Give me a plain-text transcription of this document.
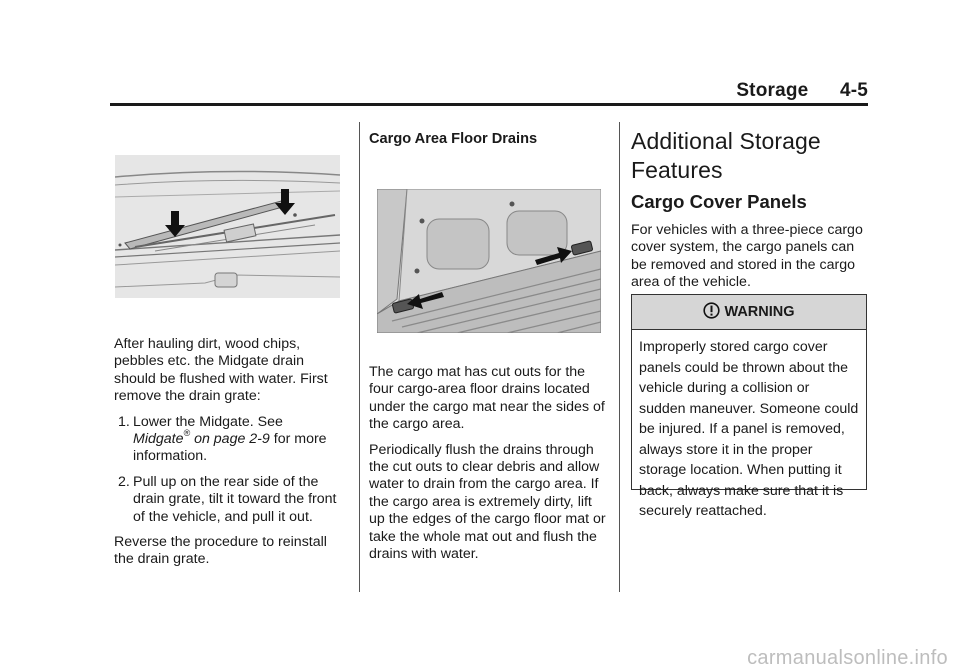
Storage 4-5

After hauling dirt, wood chips, pebbles etc. the Midgate drain should be flushed with water. First remove the drain grate:

1. Lower the Midgate. See
Midgate® on page 2-9 for more information.
2. Pull up on the rear side of the drain grate, tilt it toward the front of the vehicle, and pull it out.

Reverse the procedure to reinstall the drain grate.

Cargo Area Floor Drains

The cargo mat has cut outs for the four cargo-area floor drains located under the cargo mat near the sides of the cargo area.

Periodically flush the drains through the cut outs to clear debris and allow water to drain from the cargo area. If the cargo area is extremely dirty, lift up the edges of the cargo floor mat or take the whole mat out and flush the drains with water.

Additional Storage
Features
Cargo Cover Panels

For vehicles with a three-piece cargo cover system, the cargo panels can be removed and stored in the cargo area of the vehicle.

WARNING
Improperly stored cargo cover panels could be thrown about the vehicle during a collision or sudden maneuver. Someone could be injured. If a panel is removed, always store it in the proper storage location. When putting it back, always make sure that it is securely reattached.
carmanualsonline.info
